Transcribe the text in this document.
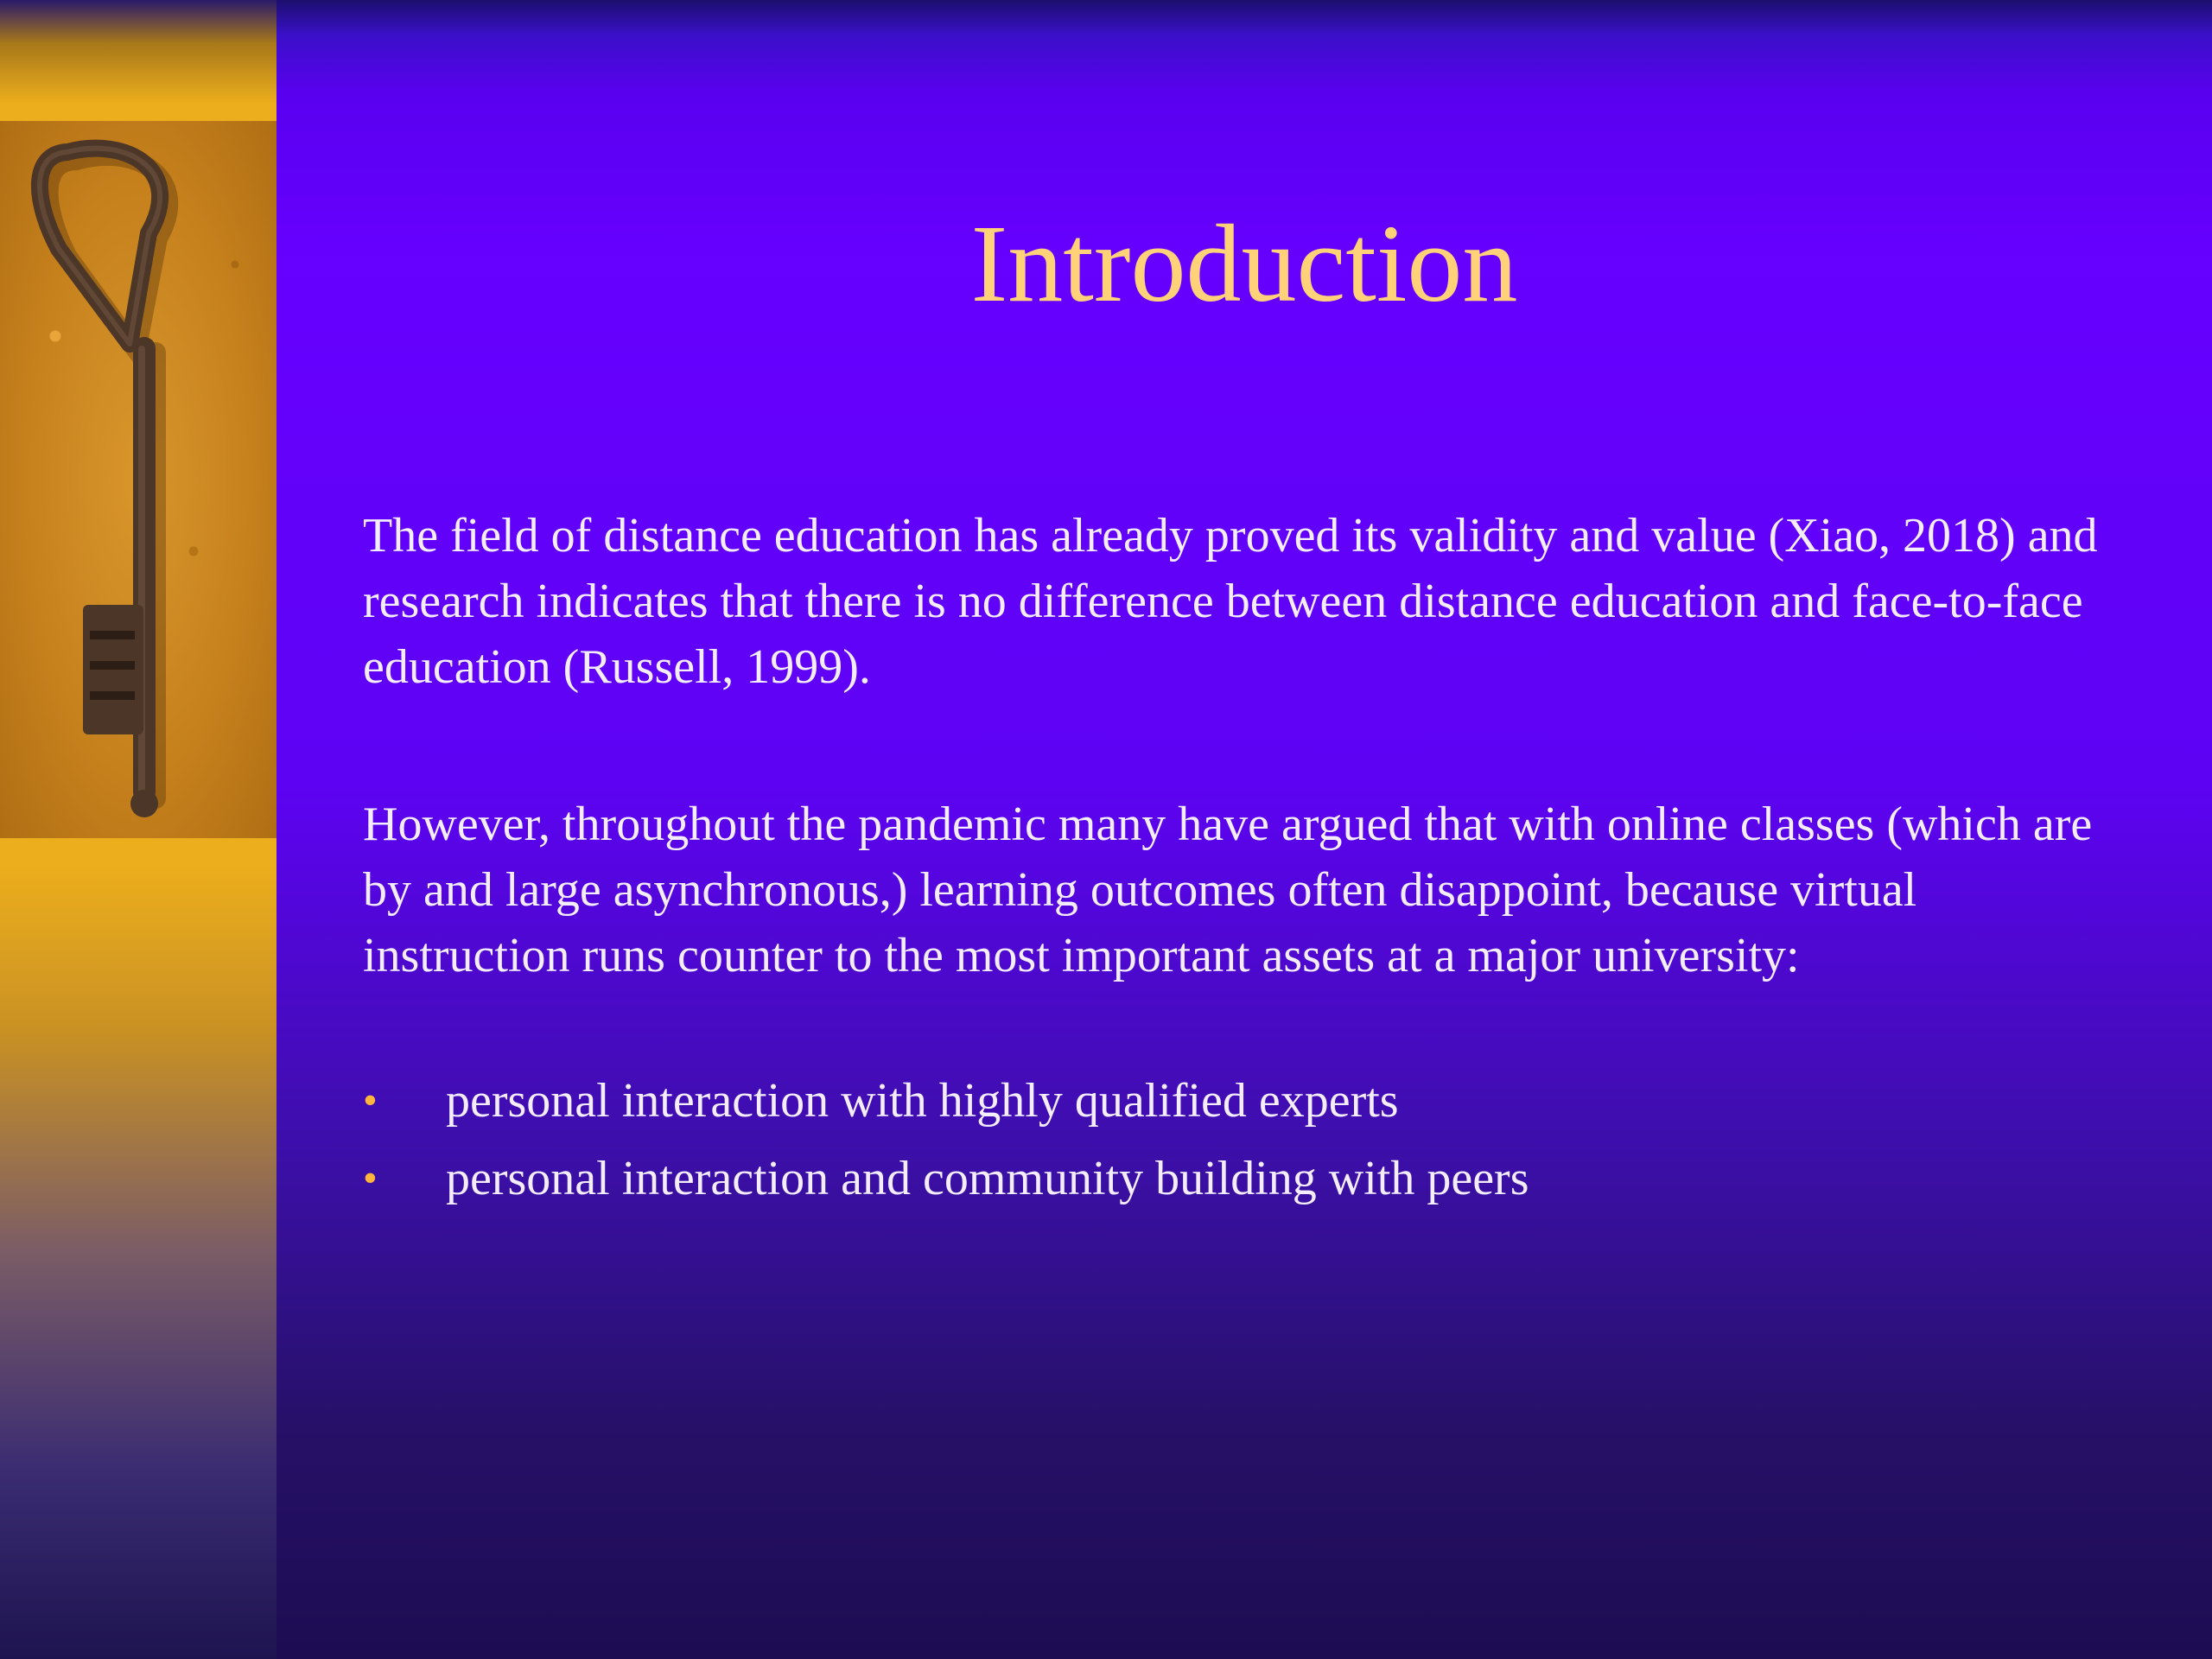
Introduction

The field of distance education has already proved its validity and value (Xiao, 2018) and research indicates that there is no difference between distance education and face-to-face education (Russell, 1999).

However, throughout the pandemic many have argued that with online classes (which are by and large asynchronous,) learning outcomes often disappoint, because virtual instruction runs counter to the most important assets at a major university:

• personal interaction with highly qualified experts
• personal interaction and community building with peers
